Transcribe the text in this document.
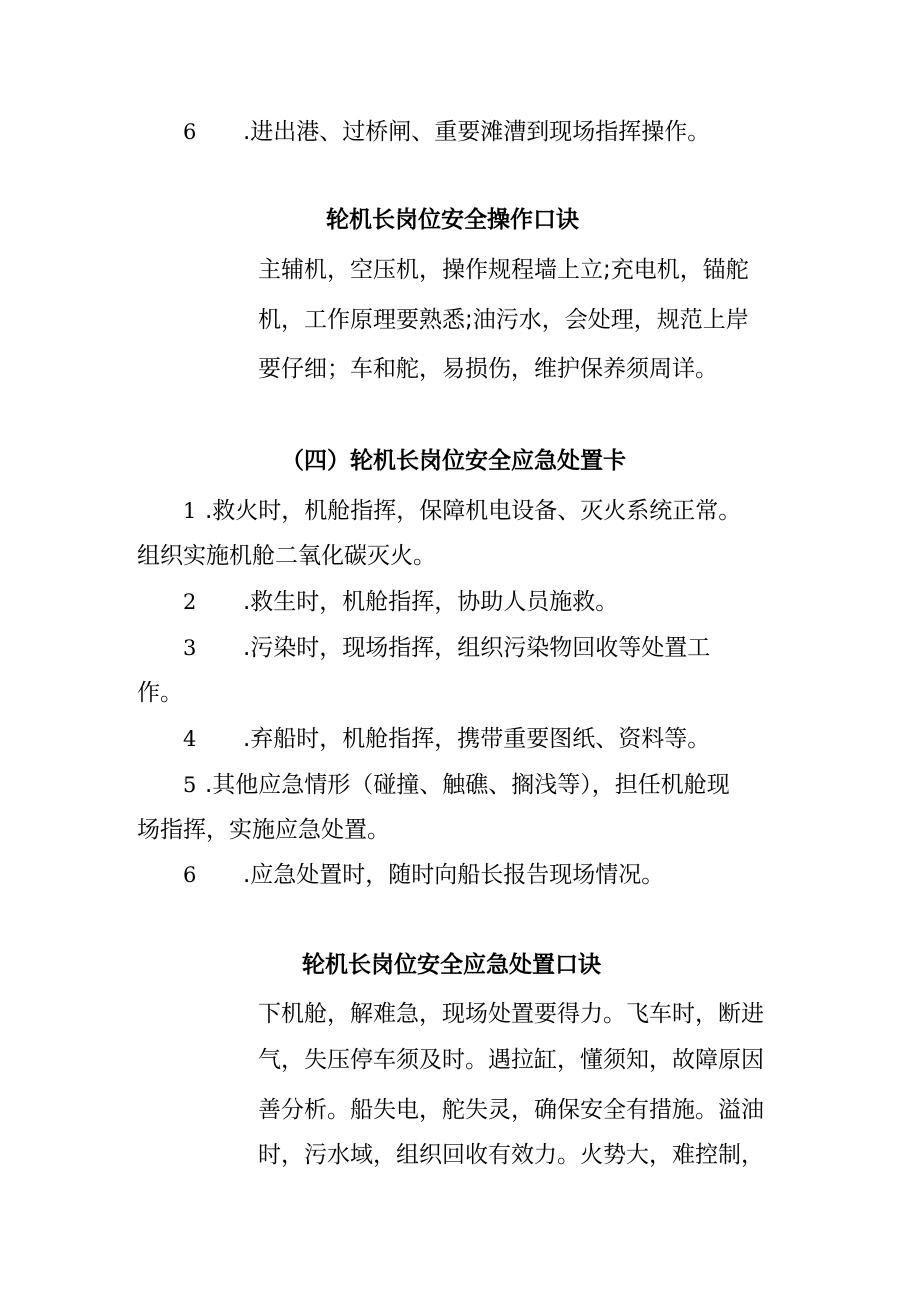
6 .进出港、过桥闸、重要滩漕到现场指挥操作。
轮机长岗位安全操作口诀
主辅机，空压机，操作规程墙上立;充电机，锚舵
机，工作原理要熟悉;油污水，会处理，规范上岸
要仔细；车和舵，易损伤，维护保养须周详。
（四）轮机长岗位安全应急处置卡
1 .救火时，机舱指挥，保障机电设备、灭火系统正常。
组织实施机舱二氧化碳灭火。
2 .救生时，机舱指挥，协助人员施救。
3 .污染时，现场指挥，组织污染物回收等处置工
作。
4 .弃船时，机舱指挥，携带重要图纸、资料等。
5 .其他应急情形（碰撞、触礁、搁浅等），担任机舱现
场指挥，实施应急处置。
6 .应急处置时，随时向船长报告现场情况。
轮机长岗位安全应急处置口诀
下机舱，解难急，现场处置要得力。飞车时，断进
气，失压停车须及时。遇拉缸，懂须知，故障原因
善分析。船失电，舵失灵，确保安全有措施。溢油
时，污水域，组织回收有效力。火势大，难控制，
